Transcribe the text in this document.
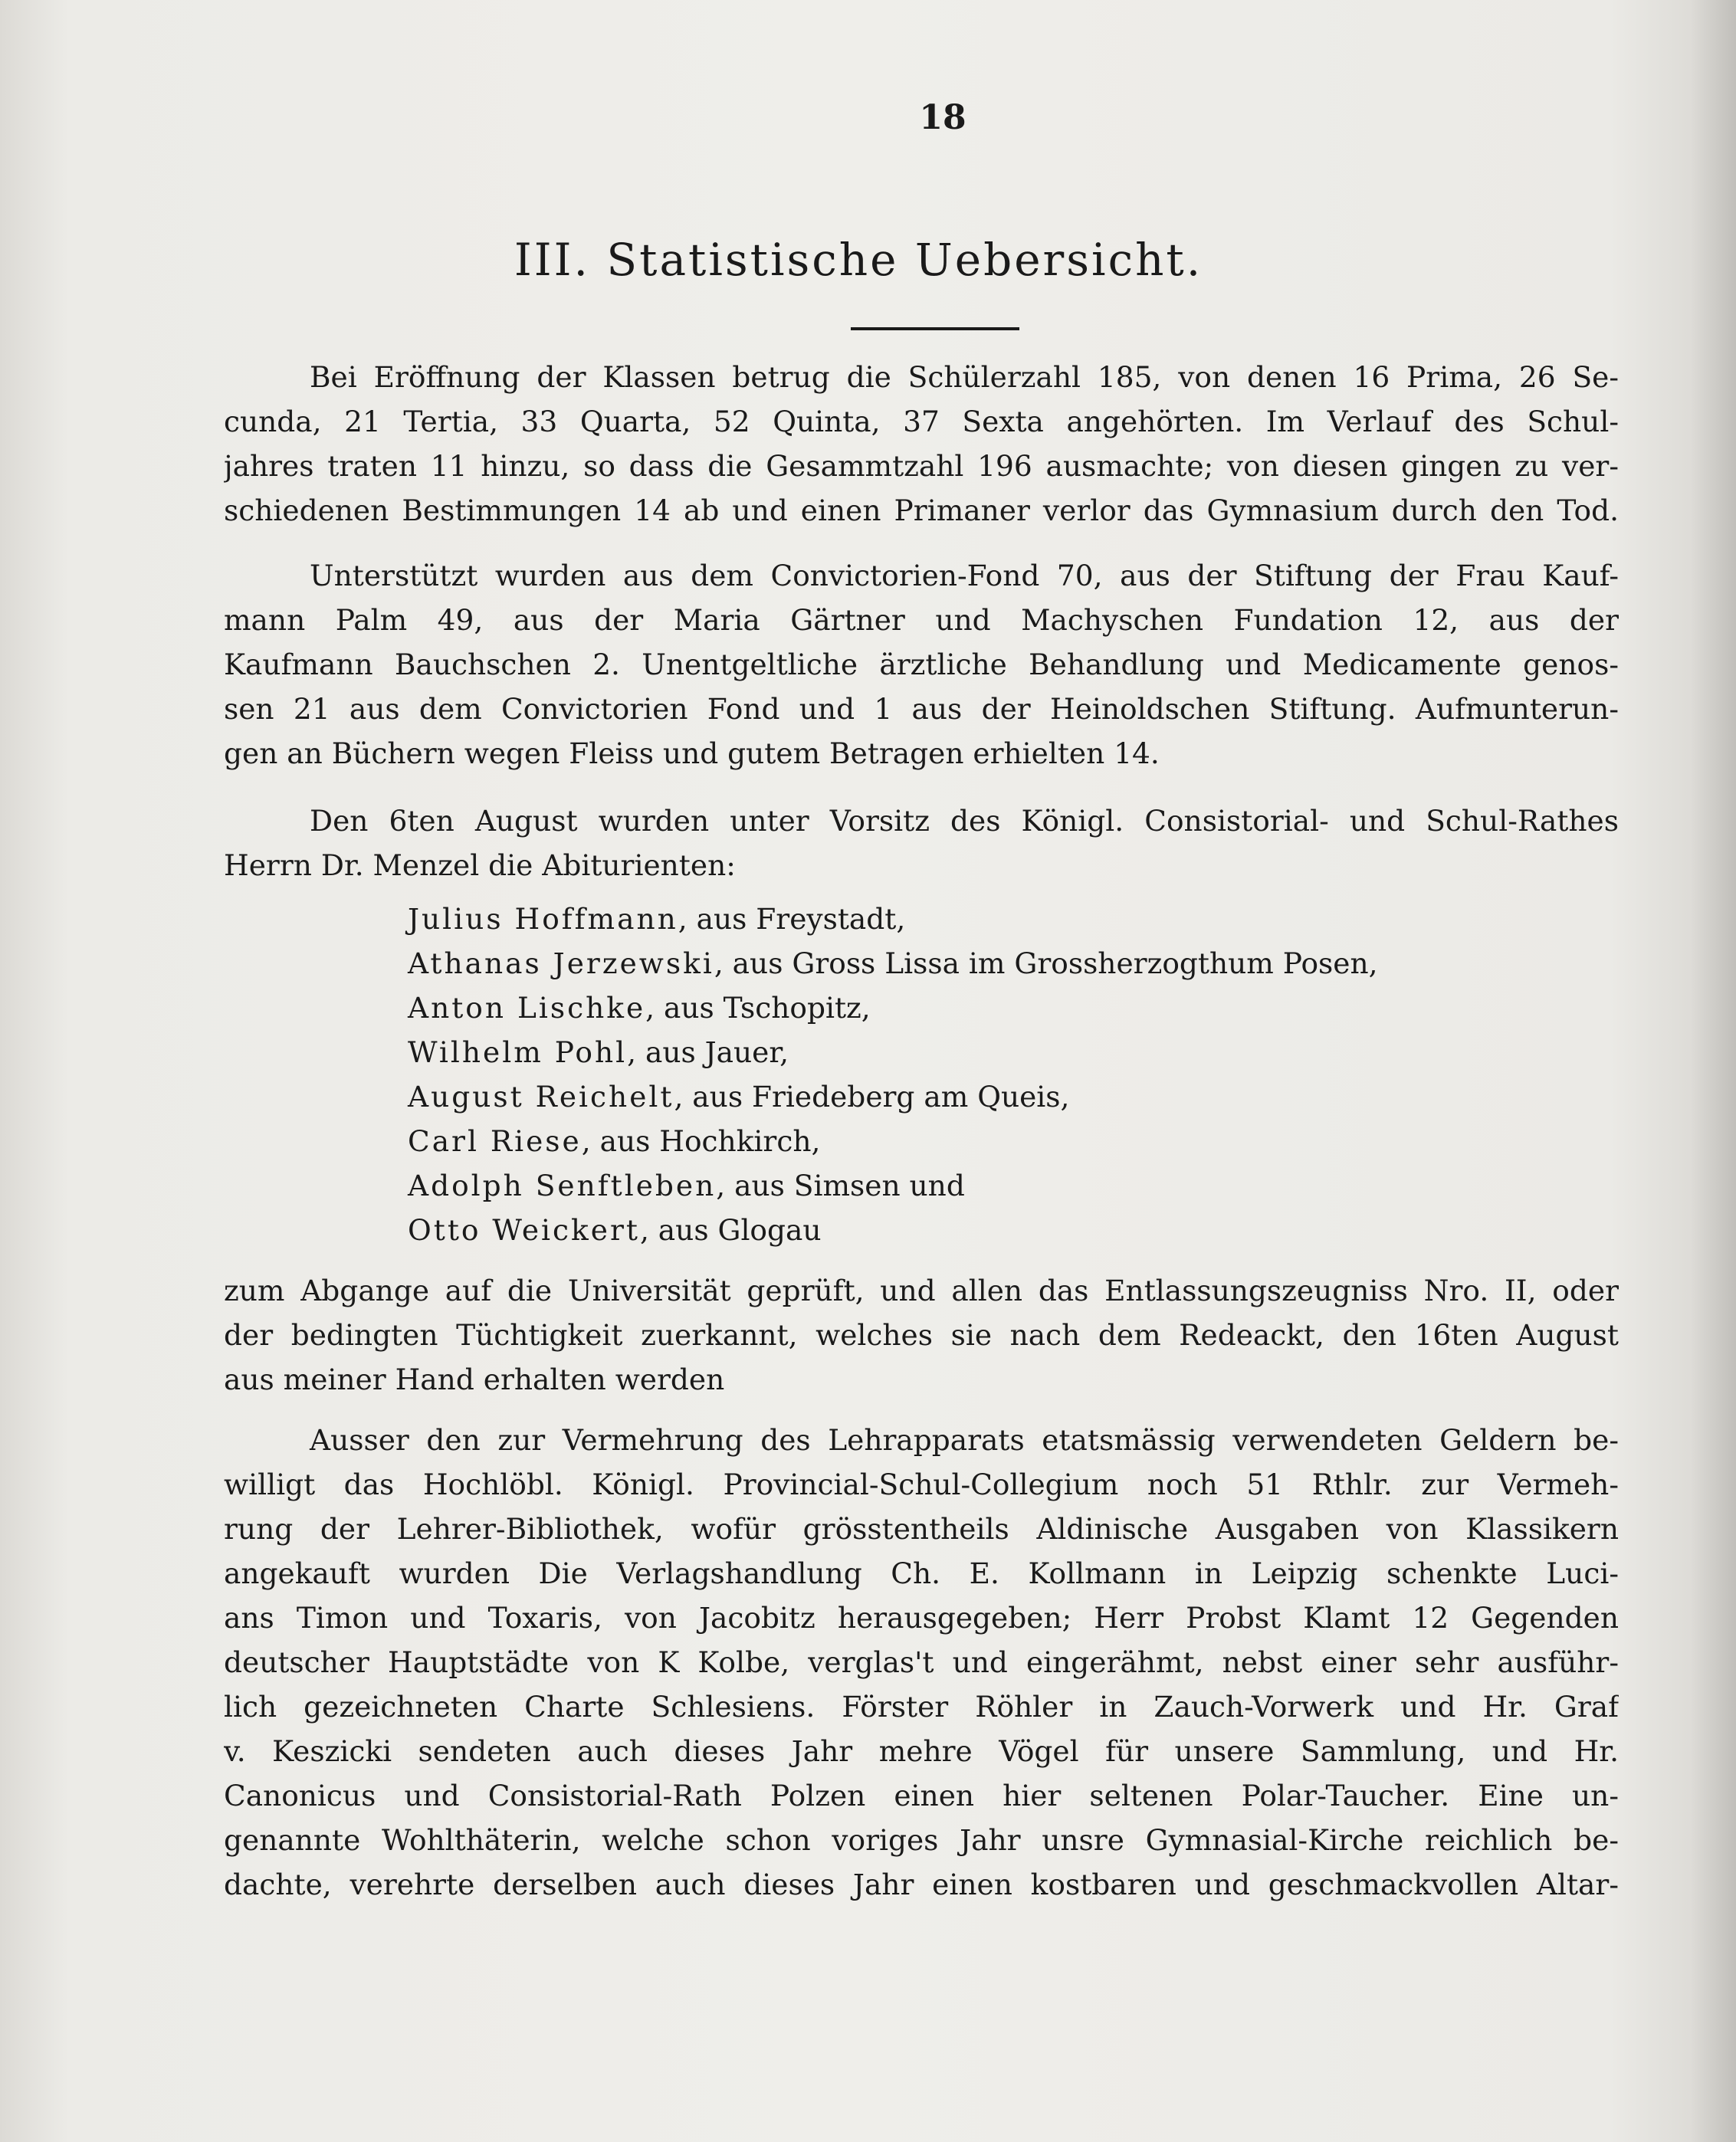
18
III. Statistische Uebersicht.
Bei Eröffnung der Klassen betrug die Schülerzahl 185, von denen 16 Prima, 26 Se-
cunda, 21 Tertia, 33 Quarta, 52 Quinta, 37 Sexta angehörten. Im Verlauf des Schul-
jahres traten 11 hinzu, so dass die Gesammtzahl 196 ausmachte; von diesen gingen zu ver-
schiedenen Bestimmungen 14 ab und einen Primaner verlor das Gymnasium durch den Tod.
Unterstützt wurden aus dem Convictorien-Fond 70, aus der Stiftung der Frau Kauf-
mann Palm 49, aus der Maria Gärtner und Machyschen Fundation 12, aus der
Kaufmann Bauchschen 2. Unentgeltliche ärztliche Behandlung und Medicamente genos-
sen 21 aus dem Convictorien Fond und 1 aus der Heinoldschen Stiftung. Aufmunterun-
gen an Büchern wegen Fleiss und gutem Betragen erhielten 14.
Den 6ten August wurden unter Vorsitz des Königl. Consistorial- und Schul-Rathes
Herrn Dr. Menzel die Abiturienten:
Julius Hoffmann, aus Freystadt,
Athanas Jerzewski, aus Gross Lissa im Grossherzogthum Posen,
Anton Lischke, aus Tschopitz,
Wilhelm Pohl, aus Jauer,
August Reichelt, aus Friedeberg am Queis,
Carl Riese, aus Hochkirch,
Adolph Senftleben, aus Simsen und
Otto Weickert, aus Glogau
zum Abgange auf die Universität geprüft, und allen das Entlassungszeugniss Nro. II, oder
der bedingten Tüchtigkeit zuerkannt, welches sie nach dem Redeackt, den 16ten August
aus meiner Hand erhalten werden
Ausser den zur Vermehrung des Lehrapparats etatsmässig verwendeten Geldern be-
willigt das Hochlöbl. Königl. Provincial-Schul-Collegium noch 51 Rthlr. zur Vermeh-
rung der Lehrer-Bibliothek, wofür grösstentheils Aldinische Ausgaben von Klassikern
angekauft wurden Die Verlagshandlung Ch. E. Kollmann in Leipzig schenkte Luci-
ans Timon und Toxaris, von Jacobitz herausgegeben; Herr Probst Klamt 12 Gegenden
deutscher Hauptstädte von K Kolbe, verglas't und eingerähmt, nebst einer sehr ausführ-
lich gezeichneten Charte Schlesiens. Förster Röhler in Zauch-Vorwerk und Hr. Graf
v. Keszicki sendeten auch dieses Jahr mehre Vögel für unsere Sammlung, und Hr.
Canonicus und Consistorial-Rath Polzen einen hier seltenen Polar-Taucher. Eine un-
genannte Wohlthäterin, welche schon voriges Jahr unsre Gymnasial-Kirche reichlich be-
dachte, verehrte derselben auch dieses Jahr einen kostbaren und geschmackvollen Altar-
